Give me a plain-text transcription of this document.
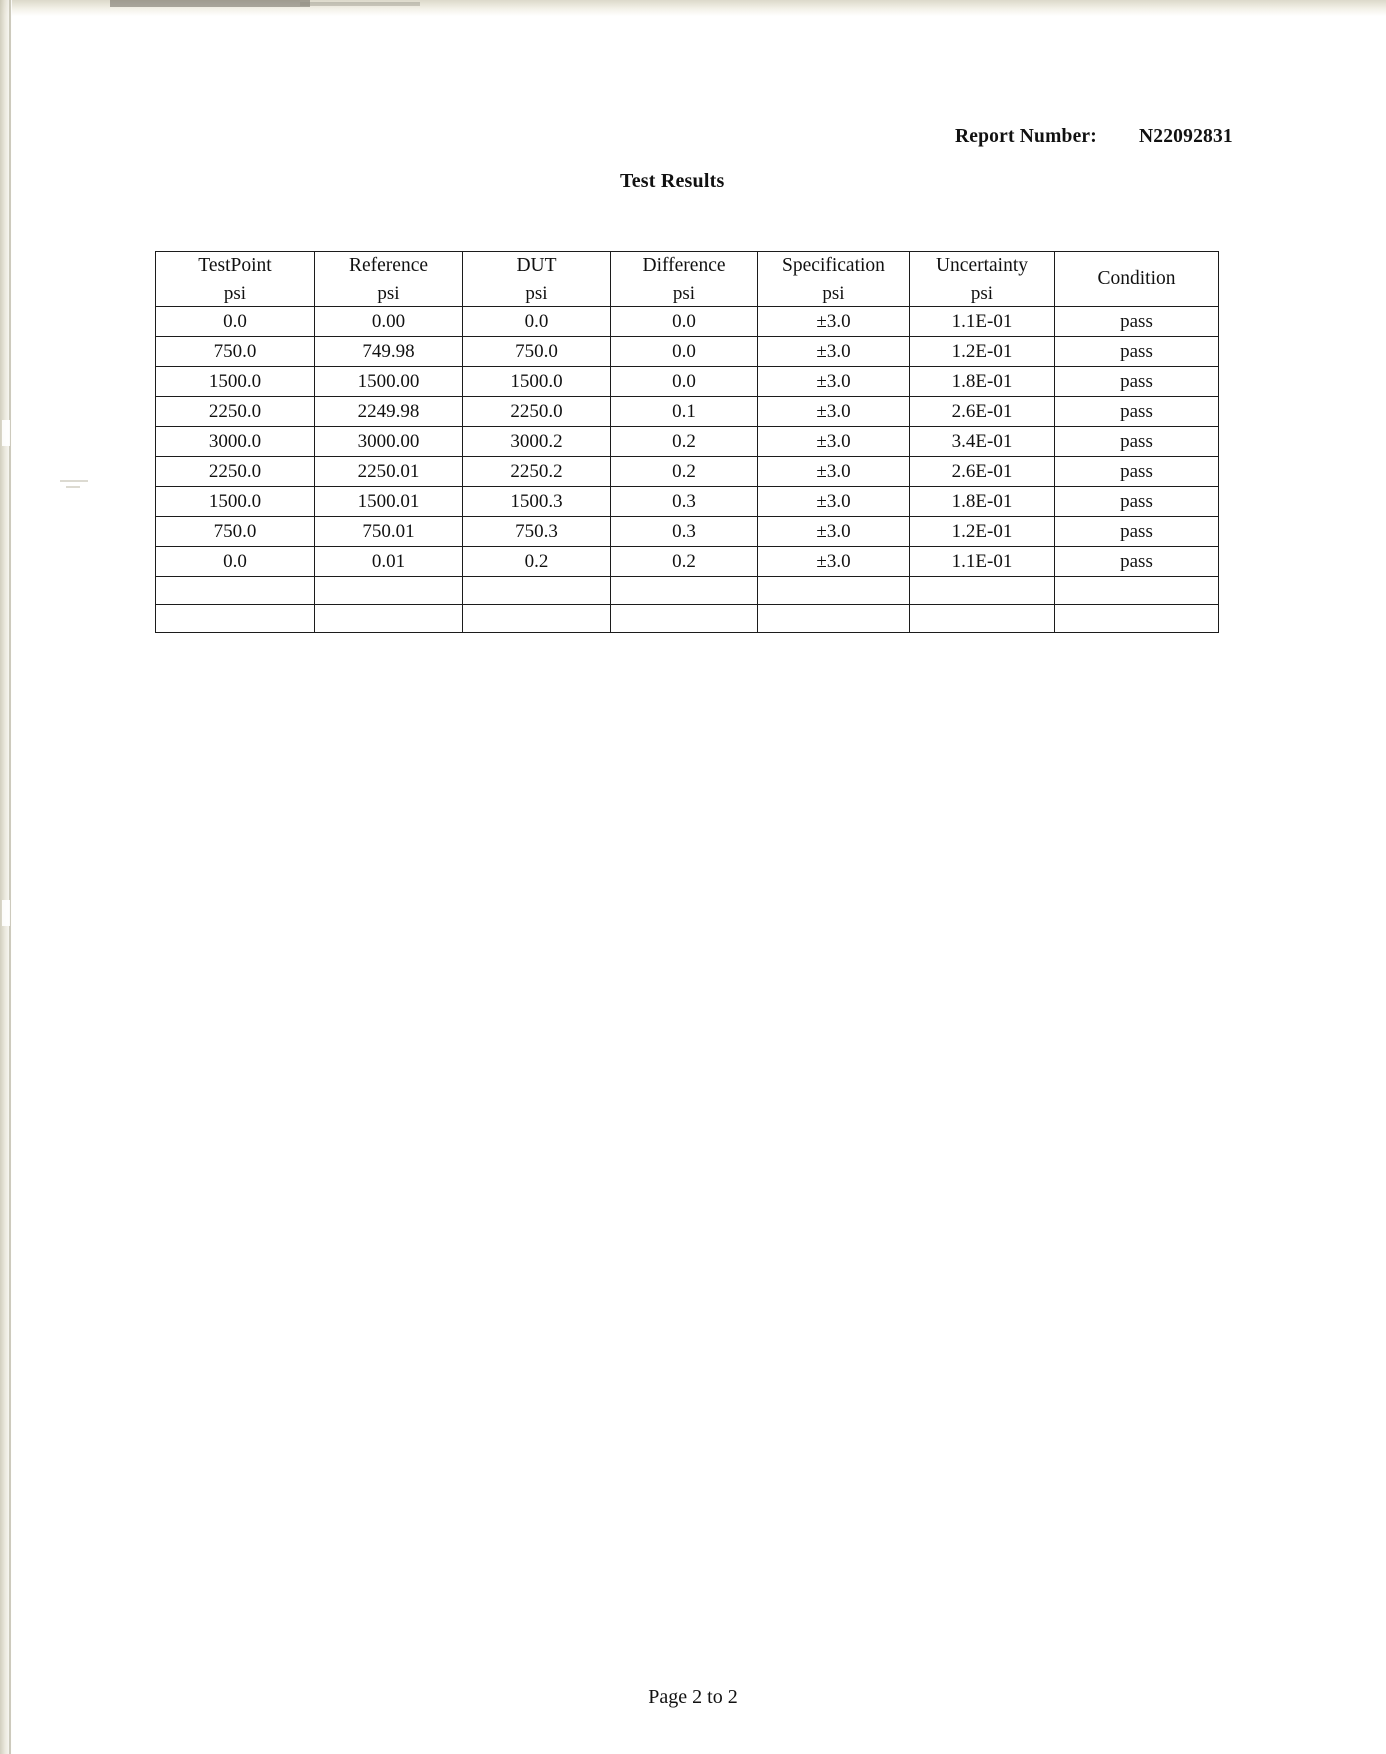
Report Number: N22092831
Test Results
TestPoint	Reference	DUT	Difference	Specification	Uncertainty	Condition
psi	psi	psi	psi	psi	psi	
0.0	0.00	0.0	0.0	±3.0	1.1E-01	pass
750.0	749.98	750.0	0.0	±3.0	1.2E-01	pass
1500.0	1500.00	1500.0	0.0	±3.0	1.8E-01	pass
2250.0	2249.98	2250.0	0.1	±3.0	2.6E-01	pass
3000.0	3000.00	3000.2	0.2	±3.0	3.4E-01	pass
2250.0	2250.01	2250.2	0.2	±3.0	2.6E-01	pass
1500.0	1500.01	1500.3	0.3	±3.0	1.8E-01	pass
750.0	750.01	750.3	0.3	±3.0	1.2E-01	pass
0.0	0.01	0.2	0.2	±3.0	1.1E-01	pass

Page 2 to 2
